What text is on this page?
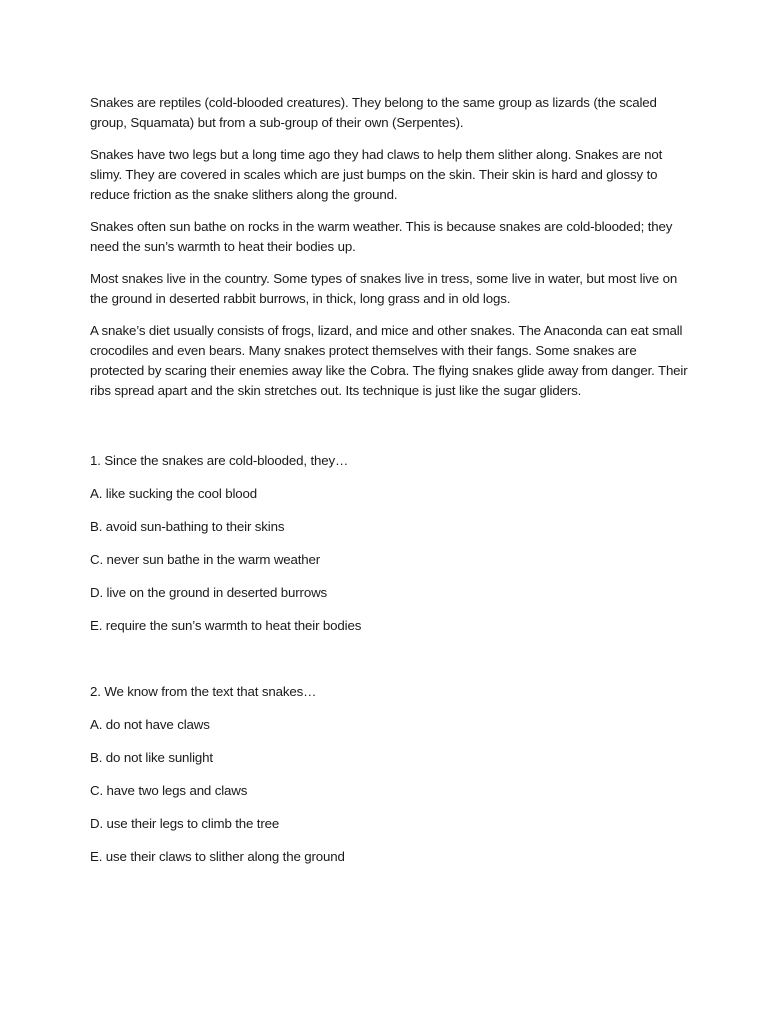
Snakes are reptiles (cold-blooded creatures). They belong to the same group as lizards (the scaled group, Squamata) but from a sub-group of their own (Serpentes).

Snakes have two legs but a long time ago they had claws to help them slither along. Snakes are not slimy. They are covered in scales which are just bumps on the skin. Their skin is hard and glossy to reduce friction as the snake slithers along the ground.

Snakes often sun bathe on rocks in the warm weather. This is because snakes are cold-blooded; they need the sun’s warmth to heat their bodies up.

Most snakes live in the country. Some types of snakes live in tress, some live in water, but most live on the ground in deserted rabbit burrows, in thick, long grass and in old logs.

A snake’s diet usually consists of frogs, lizard, and mice and other snakes. The Anaconda can eat small crocodiles and even bears. Many snakes protect themselves with their fangs. Some snakes are protected by scaring their enemies away like the Cobra. The flying snakes glide away from danger. Their ribs spread apart and the skin stretches out. Its technique is just like the sugar gliders.

1. Since the snakes are cold-blooded, they…

A. like sucking the cool blood

B. avoid sun-bathing to their skins

C. never sun bathe in the warm weather

D. live on the ground in deserted burrows

E. require the sun’s warmth to heat their bodies

2. We know from the text that snakes…

A. do not have claws

B. do not like sunlight

C. have two legs and claws

D. use their legs to climb the tree

E. use their claws to slither along the ground
